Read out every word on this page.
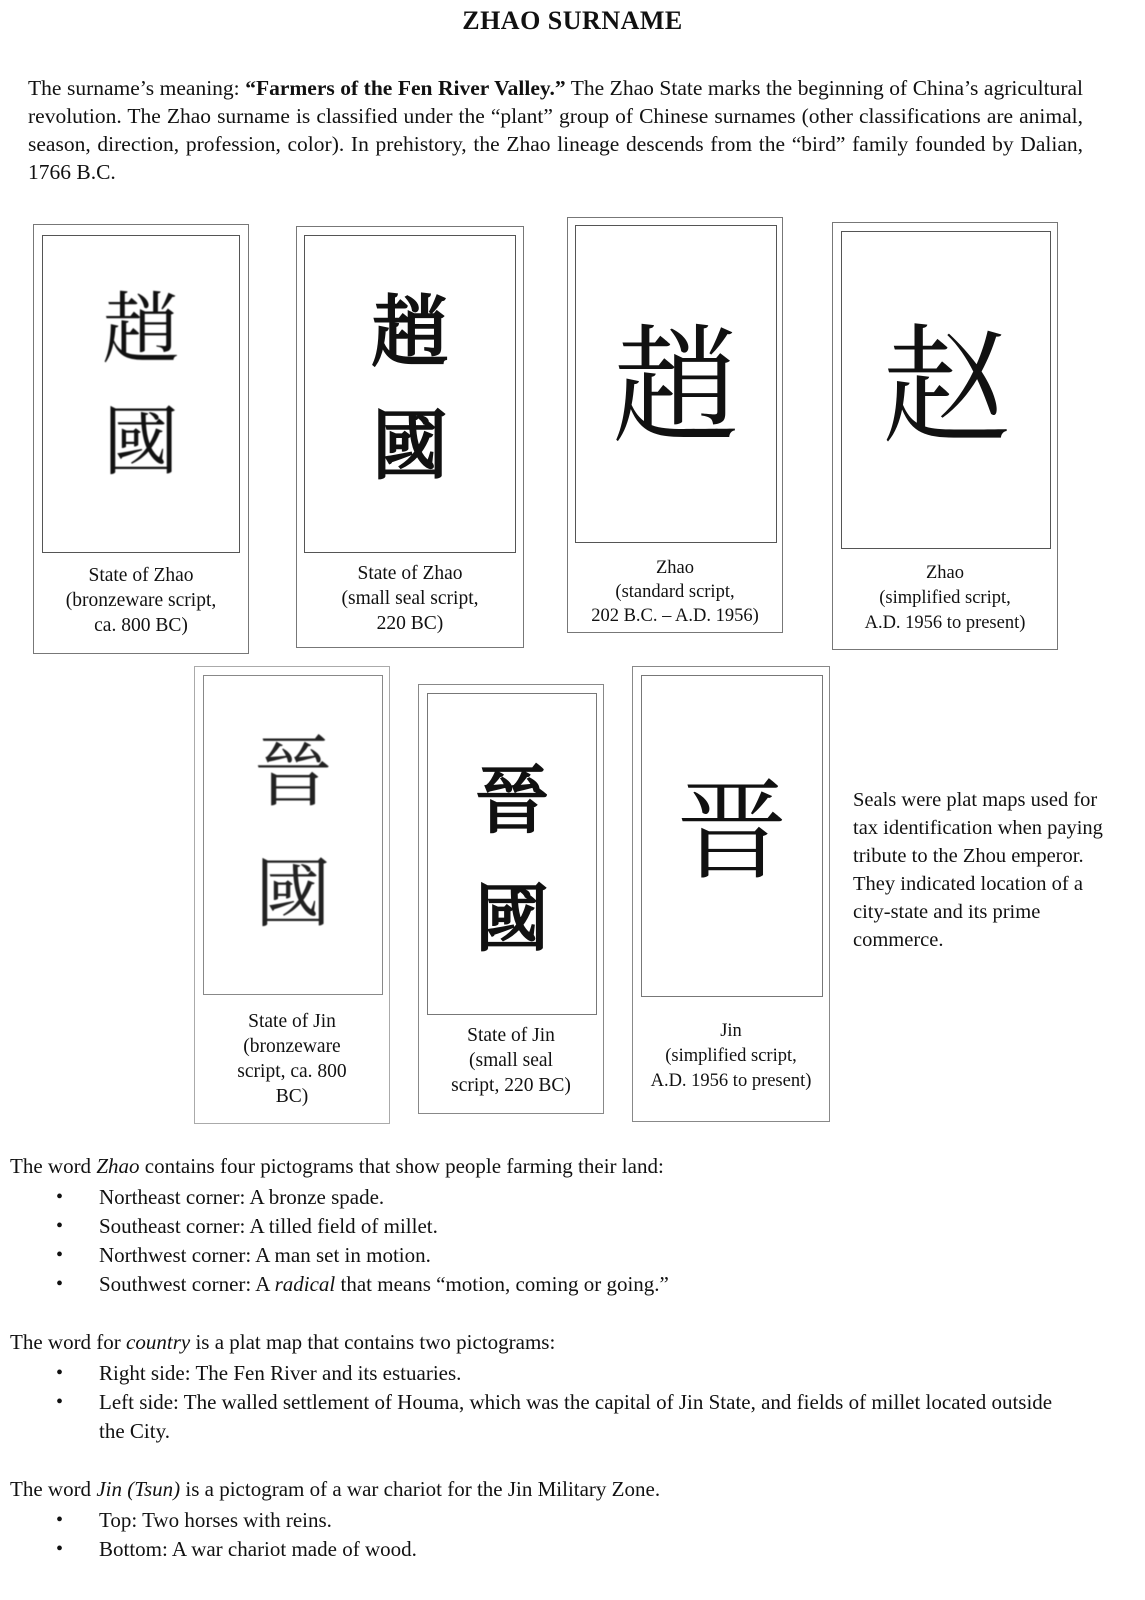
ZHAO SURNAME
The surname’s meaning: “Farmers of the Fen River Valley.” The Zhao State marks the beginning of China’s agricultural revolution. The Zhao surname is classified under the “plant” group of Chinese surnames (other classifications are animal, season, direction, profession, color). In prehistory, the Zhao lineage descends from the “bird” family founded by Dalian, 1766 B.C.
趙
國
State of Zhao
(bronzeware script,
ca. 800 BC)
趙
國
State of Zhao
(small seal script,
220 BC)
趙
Zhao
(standard script,
202 B.C. – A.D. 1956)
赵
Zhao
(simplified script,
A.D. 1956 to present)
晉
國
State of Jin
(bronzeware
script, ca. 800
BC)
晉
國
State of Jin
(small seal
script, 220 BC)
晋
Jin
(simplified script,
A.D. 1956 to present)
Seals were plat maps used for tax identification when paying tribute to the Zhou emperor. They indicated location of a city-state and its prime commerce.

The word Zhao contains four pictograms that show people farming their land:

• Northeast corner: A bronze spade.
• Southeast corner: A tilled field of millet.
• Northwest corner: A man set in motion.
• Southwest corner: A radical that means “motion, coming or going.”

The word for country is a plat map that contains two pictograms:

• Right side: The Fen River and its estuaries.
• Left side: The walled settlement of Houma, which was the capital of Jin State, and fields of millet located outside the City.

The word Jin (Tsun) is a pictogram of a war chariot for the Jin Military Zone.

• Top: Two horses with reins.
• Bottom: A war chariot made of wood.
